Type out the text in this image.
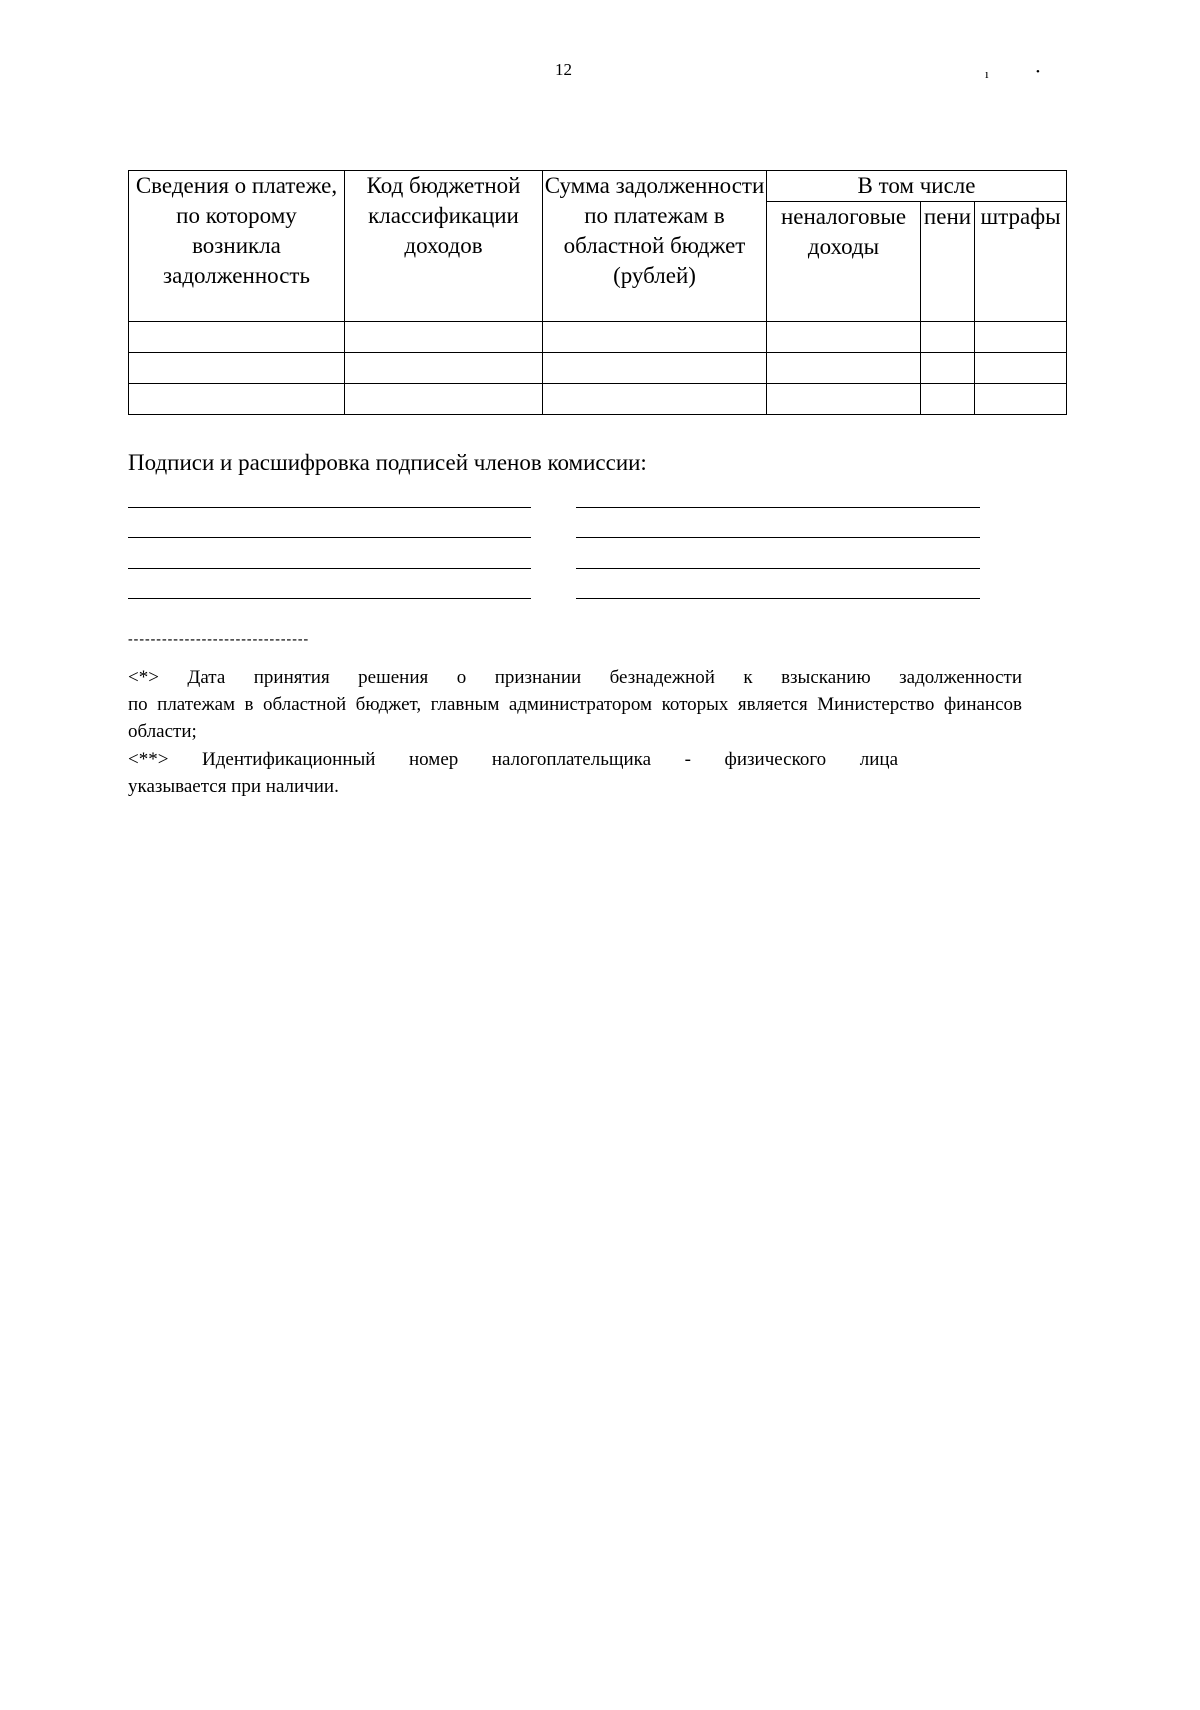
12	ı	•
Сведения о платеже, по которому возникла задолженность	Код бюджетной классификации доходов	Сумма задолженности по платежам в областной бюджет (рублей)	В том числе		
			неналоговые доходы	пени	штрафы

Подписи и расшифровка подписей членов комиссии:
--------------------------------
<*> Дата принятия решения о признании безнадежной к взысканию задолженности
по платежам в областной бюджет, главным администратором которых является Министерство финансов области;
<**> Идентификационный номер налогоплательщика - физического лица
указывается при наличии.
